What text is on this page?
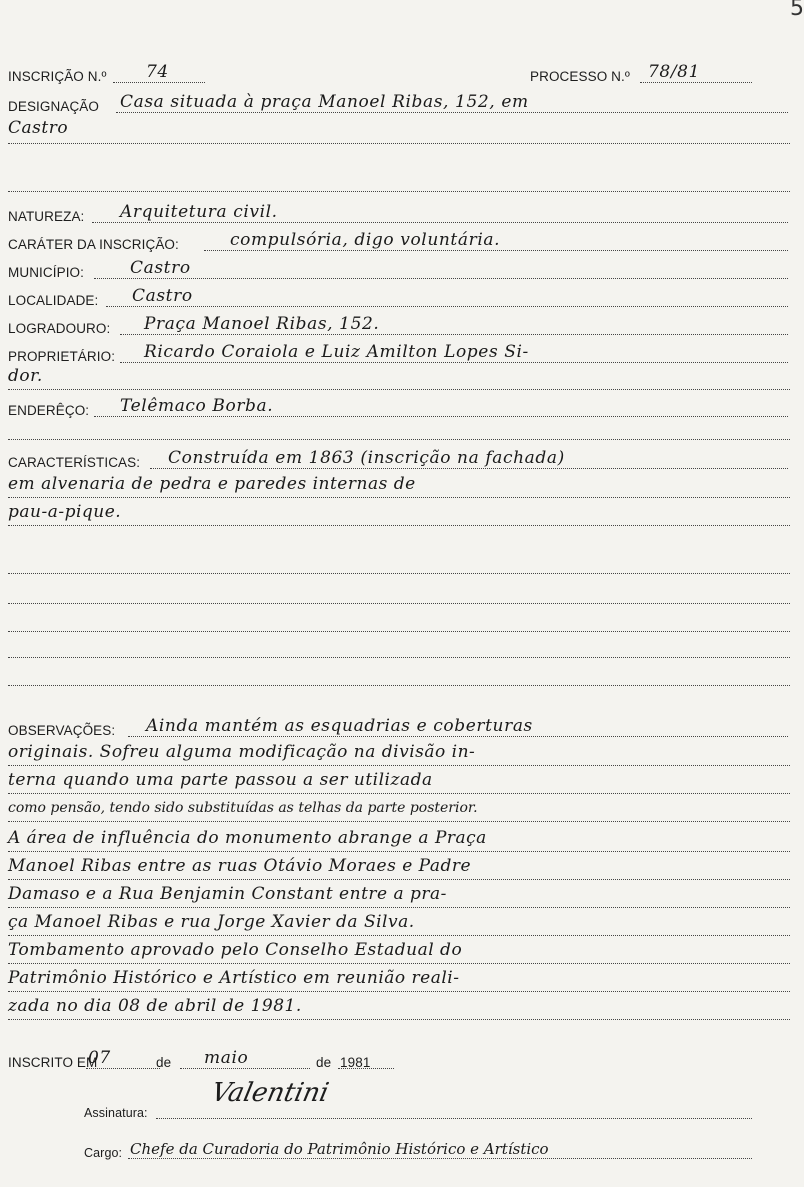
5
INSCRIÇÃO N.º 74	PROCESSO N.º 78/81
DESIGNAÇÃO Casa situada à praça Manoel Ribas, 152, em
Castro
NATUREZA: Arquitetura civil.
CARÁTER DA INSCRIÇÃO:	compulsória, digo voluntária.
MUNICÍPIO:	Castro
LOCALIDADE: Castro
LOGRADOURO: Praça Manoel Ribas, 152.
PROPRIETÁRIO: Ricardo Coraiola e Luiz Amilton Lopes Si-
dor.
ENDERÊÇO: Telêmaco Borba.
CARACTERÍSTICAS: Construída em 1863 (inscrição na fachada)
em alvenaria de pedra e paredes internas de
pau-a-pique.
OBSERVAÇÕES: Ainda mantém as esquadrias e coberturas
originais. Sofreu alguma modificação na divisão in-
terna quando uma parte passou a ser utilizada
como pensão, tendo sido substituídas as telhas da parte posterior.
A área de influência do monumento abrange a Praça
Manoel Ribas entre as ruas Otávio Moraes e Padre
Damaso e a Rua Benjamin Constant entre a pra-
ça Manoel Ribas e rua Jorge Xavier da Silva.
Tombamento aprovado pelo Conselho Estadual do
Patrimônio Histórico e Artístico em reunião reali-
zada no dia 08 de abril de 1981.
INSCRITO EM
07	de maio	de 1981
Assinatura:
Valentini
Cargo: Chefe da Curadoria do Patrimônio Histórico e Artístico
